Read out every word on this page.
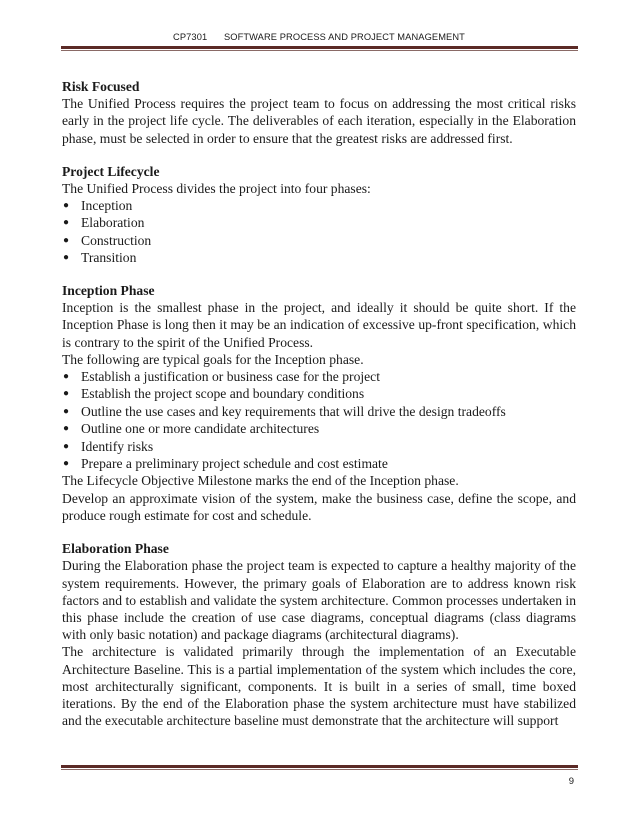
CP7301 SOFTWARE PROCESS AND PROJECT MANAGEMENT

Risk Focused

The Unified Process requires the project team to focus on addressing the most critical risks early in the project life cycle. The deliverables of each iteration, especially in the Elaboration phase, must be selected in order to ensure that the greatest risks are addressed first.

Project Lifecycle

The Unified Process divides the project into four phases:

● Inception
● Elaboration
● Construction
● Transition

Inception Phase

Inception is the smallest phase in the project, and ideally it should be quite short. If the Inception Phase is long then it may be an indication of excessive up-front specification, which is contrary to the spirit of the Unified Process.

The following are typical goals for the Inception phase.

● Establish a justification or business case for the project
● Establish the project scope and boundary conditions
● Outline the use cases and key requirements that will drive the design tradeoffs
● Outline one or more candidate architectures
● Identify risks
● Prepare a preliminary project schedule and cost estimate

The Lifecycle Objective Milestone marks the end of the Inception phase.

Develop an approximate vision of the system, make the business case, define the scope, and produce rough estimate for cost and schedule.

Elaboration Phase

During the Elaboration phase the project team is expected to capture a healthy majority of the system requirements. However, the primary goals of Elaboration are to address known risk factors and to establish and validate the system architecture. Common processes undertaken in this phase include the creation of use case diagrams, conceptual diagrams (class diagrams with only basic notation) and package diagrams (architectural diagrams).

The architecture is validated primarily through the implementation of an Executable Architecture Baseline. This is a partial implementation of the system which includes the core, most architecturally significant, components. It is built in a series of small, time boxed iterations. By the end of the Elaboration phase the system architecture must have stabilized and the executable architecture baseline must demonstrate that the architecture will support

9
